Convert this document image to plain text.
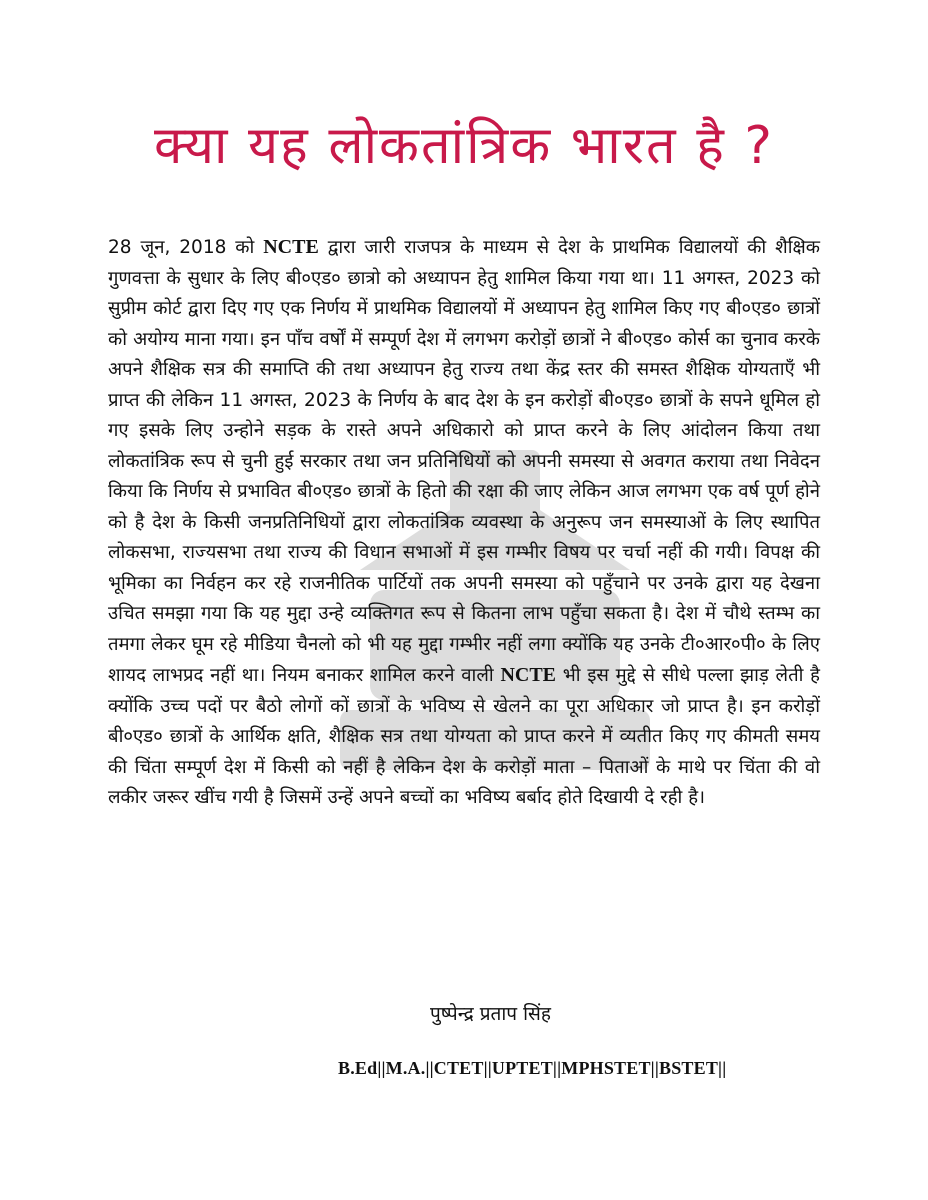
क्या यह लोकतांत्रिक भारत है ?

28 जून, 2018 को NCTE द्वारा जारी राजपत्र के माध्यम से देश के प्राथमिक विद्यालयों की शैक्षिक गुणवत्ता के सुधार के लिए बी०एड० छात्रो को अध्यापन हेतु शामिल किया गया था। 11 अगस्त, 2023 को सुप्रीम कोर्ट द्वारा दिए गए एक निर्णय में प्राथमिक विद्यालयों में अध्यापन हेतु शामिल किए गए बी०एड० छात्रों को अयोग्य माना गया। इन पाँच वर्षों में सम्पूर्ण देश में लगभग करोड़ों छात्रों ने बी०एड० कोर्स का चुनाव करके अपने शैक्षिक सत्र की समाप्ति की तथा अध्यापन हेतु राज्य तथा केंद्र स्तर की समस्त शैक्षिक योग्यताएँ भी प्राप्त की लेकिन 11 अगस्त, 2023 के निर्णय के बाद देश के इन करोड़ों बी०एड० छात्रों के सपने धूमिल हो गए इसके लिए उन्होने सड़क के रास्ते अपने अधिकारो को प्राप्त करने के लिए आंदोलन किया तथा लोकतांत्रिक रूप से चुनी हुई सरकार तथा जन प्रतिनिधियों को अपनी समस्या से अवगत कराया तथा निवेदन किया कि निर्णय से प्रभावित बी०एड० छात्रों के हितो की रक्षा की जाए लेकिन आज लगभग एक वर्ष पूर्ण होने को है देश के किसी जनप्रतिनिधियों द्वारा लोकतांत्रिक व्यवस्था के अनुरूप जन समस्याओं के लिए स्थापित लोकसभा, राज्यसभा तथा राज्य की विधान सभाओं में इस गम्भीर विषय पर चर्चा नहीं की गयी। विपक्ष की भूमिका का निर्वहन कर रहे राजनीतिक पार्टियों तक अपनी समस्या को पहुँचाने पर उनके द्वारा यह देखना उचित समझा गया कि यह मुद्दा उन्हे व्यक्तिगत रूप से कितना लाभ पहुँचा सकता है। देश में चौथे स्तम्भ का तमगा लेकर घूम रहे मीडिया चैनलो को भी यह मुद्दा गम्भीर नहीं लगा क्योंकि यह उनके टी०आर०पी० के लिए शायद लाभप्रद नहीं था। नियम बनाकर शामिल करने वाली NCTE भी इस मुद्दे से सीधे पल्ला झाड़ लेती है क्योंकि उच्च पदों पर बैठो लोगों कों छात्रों के भविष्य से खेलने का पूरा अधिकार जो प्राप्त है। इन करोड़ों बी०एड० छात्रों के आर्थिक क्षति, शैक्षिक सत्र तथा योग्यता को प्राप्त करने में व्यतीत किए गए कीमती समय की चिंता सम्पूर्ण देश में किसी को नहीं है लेकिन देश के करोड़ों माता – पिताओं के माथे पर चिंता की वो लकीर जरूर खींच गयी है जिसमें उन्हें अपने बच्चों का भविष्य बर्बाद होते दिखायी दे रही है।

पुष्पेन्द्र प्रताप सिंह
B.Ed||M.A.||CTET||UPTET||MPHSTET||BSTET||
